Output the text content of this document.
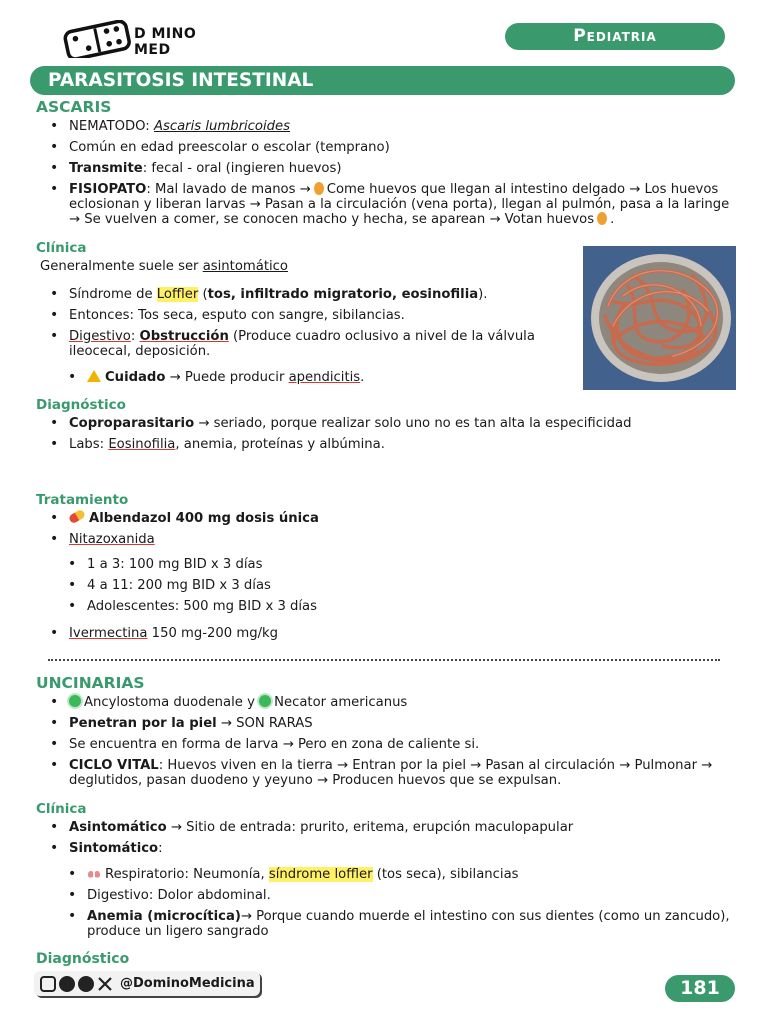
D MINO
MED
Pediatria
PARASITOSIS INTESTINAL
ASCARIS
• NEMATODO: Ascaris lumbricoides
• Común en edad preescolar o escolar (temprano)
• Transmite: fecal - oral (ingieren huevos)
• FISIOPATO: Mal lavado de manos → Come huevos que llegan al intestino delgado → Los huevos eclosionan y liberan larvas → Pasan a la circulación (vena porta), llegan al pulmón, pasa a la laringe → Se vuelven a comer, se conocen macho y hecha, se aparean → Votan huevos .
Clínica
Generalmente suele ser asintomático
• Síndrome de Loffler (tos, infiltrado migratorio, eosinofilia).
• Entonces: Tos seca, esputo con sangre, sibilancias.
• Digestivo: Obstrucción (Produce cuadro oclusivo a nivel de la válvula ileocecal, deposición.
• Cuidado → Puede producir apendicitis.
Diagnóstico
• Coproparasitario → seriado, porque realizar solo uno no es tan alta la especificidad
• Labs: Eosinofilia, anemia, proteínas y albúmina.
Tratamiento
• Albendazol 400 mg dosis única
• Nitazoxanida
• 1 a 3: 100 mg BID x 3 días
• 4 a 11: 200 mg BID x 3 días
• Adolescentes: 500 mg BID x 3 días
• Ivermectina 150 mg-200 mg/kg
UNCINARIAS
• Ancylostoma duodenale y Necator americanus
• Penetran por la piel → SON RARAS
• Se encuentra en forma de larva → Pero en zona de caliente si.
• CICLO VITAL: Huevos viven en la tierra → Entran por la piel → Pasan al circulación → Pulmonar → deglutidos, pasan duodeno y yeyuno → Producen huevos que se expulsan.
Clínica
• Asintomático → Sitio de entrada: prurito, eritema, erupción maculopapular
• Sintomático:
• Respiratorio: Neumonía, síndrome loffler (tos seca), sibilancias
• Digestivo: Dolor abdominal.
• Anemia (microcítica)→ Porque cuando muerde el intestino con sus dientes (como un zancudo), produce un ligero sangrado
Diagnóstico
@DominoMedicina	181
